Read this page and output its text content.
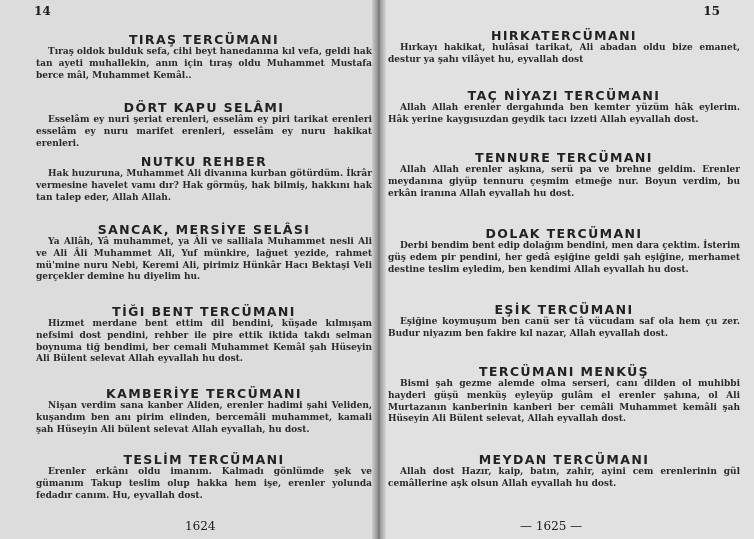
14
TIRAŞ TERCÜMANI

Tıraş oldok bulduk sefa, cihi beyt hanedanına kıl vefa, geldi hak tan ayeti muhallekin, anın için tıraş oldu Muhammet Mustafa berce mâl, Muhammet Kemâl..

DÖRT KAPU SELÂMI

Esselâm ey nuri şeriat erenleri, esselâm ey piri tarikat erenleri esselâm ey nuru marifet erenleri, esselâm ey nuru hakikat erenleri.

NUTKU REHBER

Hak huzuruna, Muhammet Ali divanına kurban götürdüm. İkrâr vermesine havelet vamı dır? Hak görmüş, hak bilmiş, hakkını hak tan talep eder, Allah Allah.

SANCAK, MERSİYE SELÂSI

Ya Allâh, Yâ muhammet, ya Âli ve salliala Muhammet nesli Ali ve Ali Âli Muhammet Ali, Yuf münkire, lağuet yezide, rahmet mü'mine nuru Nebi, Keremi Ali, pirimiz Hünkâr Hacı Bektaşi Veli gerçekler demine hu diyelim hu.

TİĞI BENT TERCÜMANI

Hizmet merdane bent ettim dil bendini, küşade kılmışam nefsimi dost pendini, rehber ile pire ettik iktida takdı selman boynuma tiğ bendimi, ber cemali Muhammet Kemâl şah Hüseyin Ali Bülent selevat Allah eyvallah hu dost.

KAMBERİYE TERCÜMANI

Nişan verdim sana kanber Aliden, erenler hadimi şahi Veliden, kuşandım ben anı pirim elinden, bercemâli muhammet, kamali şah Hüseyin Ali bülent selevat Allah eyvallah, hu dost.

TESLİM TERCÜMANI

Erenler erkânı oldu imanım. Kalmadı gönlümde şek ve gümanım Takup teslim olup hakka hem işe, erenler yolunda fedadır canım. Hu, eyvallah dost.

1624
15
HIRKATERCÜMANI

Hırkayı hakikat, hulâsai tarikat, Ali abadan oldu bize emanet, destur ya şahı vilâyet hu, eyvallah dost

TAÇ NİYAZI TERCÜMANI

Allah Allah erenler dergahında ben kemter yüzüm hâk eylerim. Hâk yerine kaygısuzdan geydik tacı izzeti Allah eyvallah dost.

TENNURE TERCÜMANI

Allah Allah erenler aşkına, serü pa ve brehne geldim. Erenler meydanına giyüp tennuru çeşmim etmeğe nur. Boyun verdim, bu erkân iranına Allah eyvallah hu dost.

DOLAK TERCÜMANI

Derbi bendim bent edip dolağım bendini, men dara çektim. İsterim güş edem pir pendini, her gedâ eşiğine geldi şah eşiğine, merhamet destine teslim eyledim, ben kendimi Allah eyvallah hu dost.

EŞİK TERCÜMANI

Eşiğine koymuşum ben canü ser tâ vücudam saf ola hem çu zer. Budur niyazım ben fakire kıl nazar, Allah eyvallah dost.

TERCÜMANI MENKÜŞ

Bismi şah gezme alemde olma serseri, canı dilden ol muhibbi hayderi güşü menküş eyleyüp gulâm el erenler şahına, ol Ali Murtazanın kanberinin kanberi ber cemâli Muhammet kemâli şah Hüseyin Ali Bülent selevat, Allah eyvallah dost.

MEYDAN TERCÜMANI

Allah dost Hazır, kaip, batın, zahir, ayini cem erenlerinin gül cemâllerine aşk olsun Allah eyvallah hu dost.

— 1625 —
